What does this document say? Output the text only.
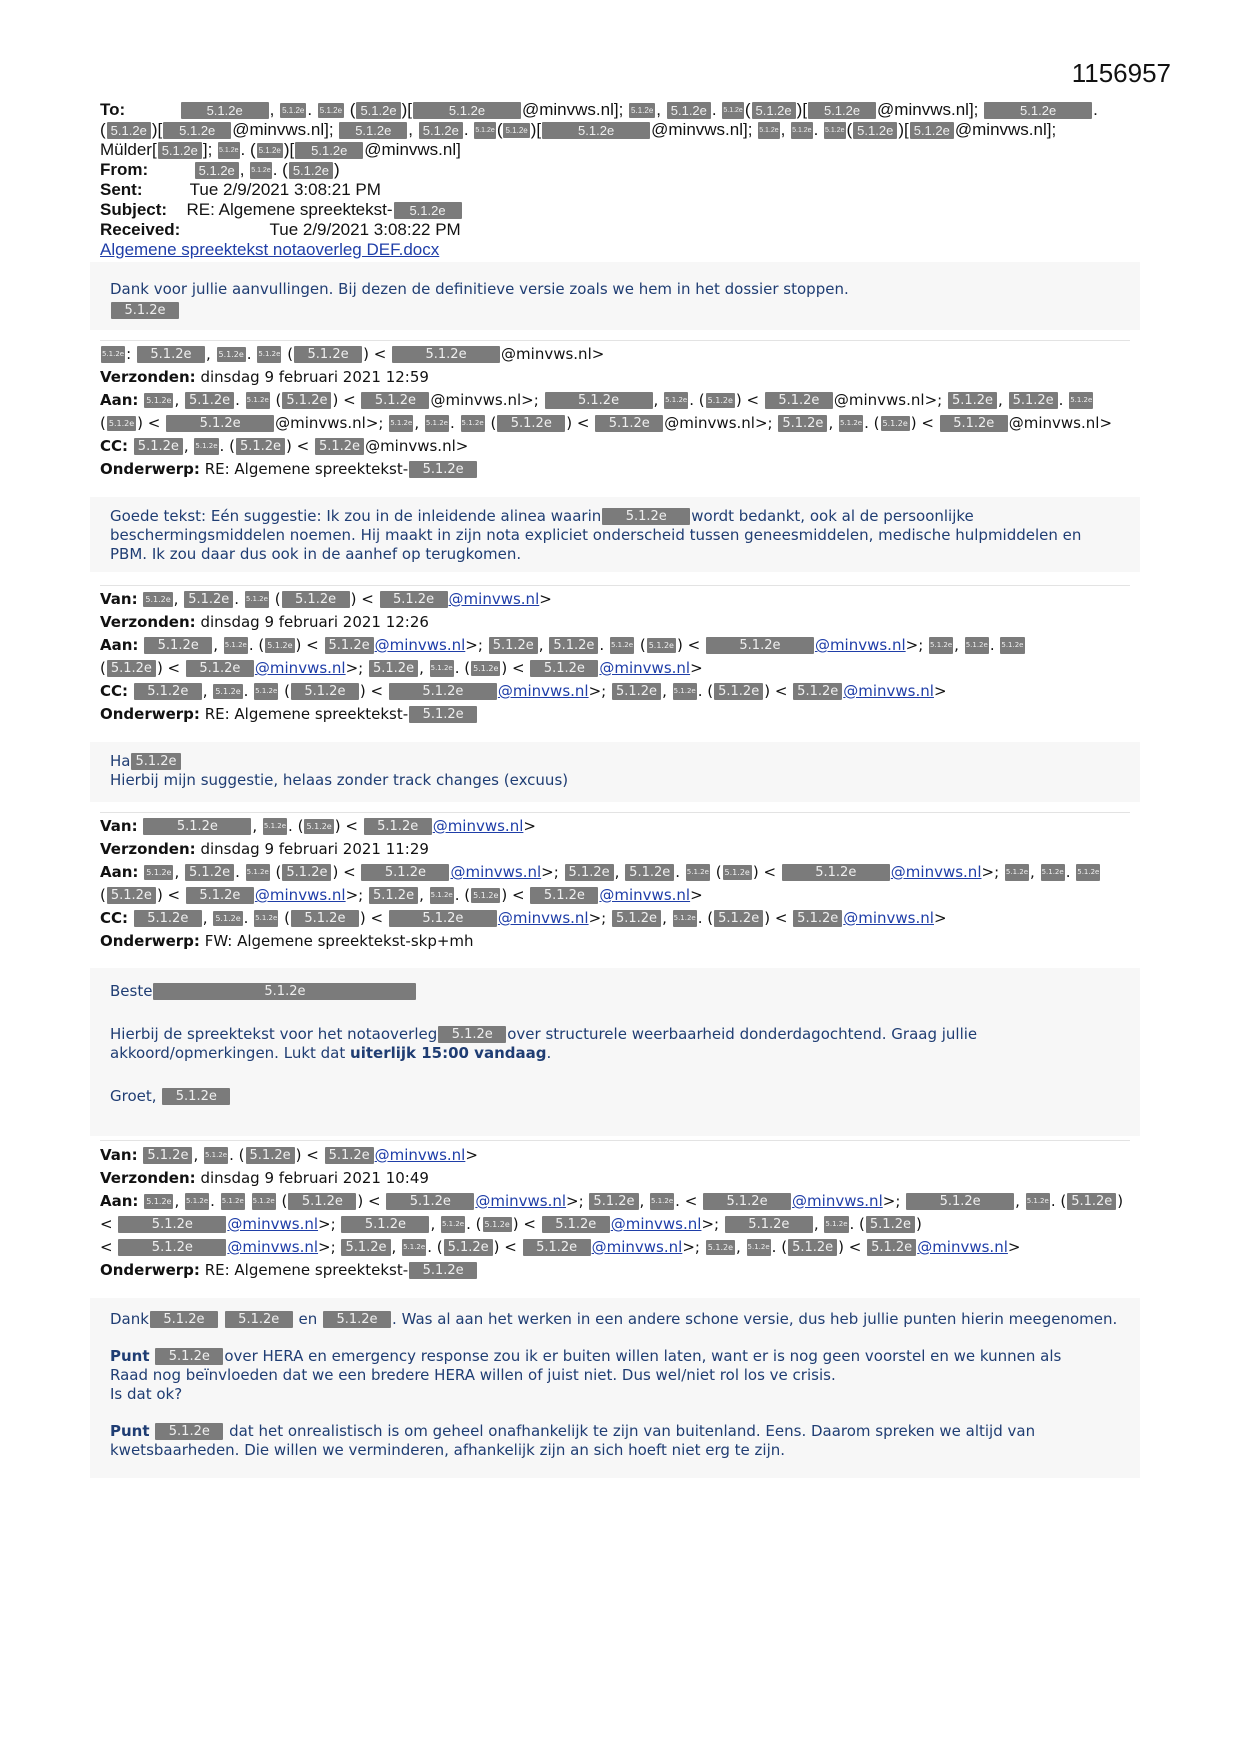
1156957
To:	5.1.2e , 5.1.2e . 5.1.2e ( 5.1.2e )[	5.1.2e @minvws.nl]; 5.1.2e , 5.1.2e . 5.1.2e ( 5.1.2e )[ 5.1.2e @minvws.nl];	5.1.2e .
( 5.1.2e )[ 5.1.2e @minvws.nl]; 5.1.2e , 5.1.2e . 5.1.2e ( 5.1.2e )[	5.1.2e @minvws.nl]; 5.1.2e , 5.1.2e . 5.1.2e ( 5.1.2e )[ 5.1.2e @minvws.nl];
Mülder[ 5.1.2e ]; 5.1.2e . ( 5.1.2e )[ 5.1.2e @minvws.nl]
From:	5.1.2e , 5.1.2e . ( 5.1.2e )
Sent:	Tue 2/9/2021 3:08:21 PM
Subject: RE: Algemene spreektekst- 5.1.2e
Received:	Tue 2/9/2021 3:08:22 PM
Algemene spreektekst notaoverleg DEF.docx
Dank voor jullie aanvullingen. Bij dezen de definitieve versie zoals we hem in het dossier stoppen.
5.1.2e
5.1.2e : 5.1.2e , 5.1.2e . 5.1.2e ( 5.1.2e ) <	5.1.2e @minvws.nl>
Verzonden: dinsdag 9 februari 2021 12:59
Aan: 5.1.2e , 5.1.2e . 5.1.2e ( 5.1.2e ) < 5.1.2e @minvws.nl>;	5.1.2e , 5.1.2e . ( 5.1.2e ) < 5.1.2e @minvws.nl>; 5.1.2e , 5.1.2e . 5.1.2e
( 5.1.2e ) <	5.1.2e @minvws.nl>; 5.1.2e , 5.1.2e . 5.1.2e ( 5.1.2e ) < 5.1.2e @minvws.nl>; 5.1.2e , 5.1.2e . ( 5.1.2e ) < 5.1.2e @minvws.nl>
CC: 5.1.2e , 5.1.2e . ( 5.1.2e ) < 5.1.2e @minvws.nl>
Onderwerp: RE: Algemene spreektekst- 5.1.2e
Goede tekst: Eén suggestie: Ik zou in de inleidende alinea waarin 5.1.2e wordt bedankt, ook al de persoonlijke
beschermingsmiddelen noemen. Hij maakt in zijn nota expliciet onderscheid tussen geneesmiddelen, medische hulpmiddelen en
PBM. Ik zou daar dus ook in de aanhef op terugkomen.
Van: 5.1.2e , 5.1.2e . 5.1.2e ( 5.1.2e ) < 5.1.2e @minvws.nl>
Verzonden: dinsdag 9 februari 2021 12:26
Aan: 5.1.2e , 5.1.2e . ( 5.1.2e ) < 5.1.2e @minvws.nl>; 5.1.2e , 5.1.2e . 5.1.2e ( 5.1.2e ) <	5.1.2e @minvws.nl>; 5.1.2e , 5.1.2e . 5.1.2e
( 5.1.2e ) < 5.1.2e @minvws.nl>; 5.1.2e , 5.1.2e . ( 5.1.2e ) < 5.1.2e @minvws.nl>
CC: 5.1.2e , 5.1.2e . 5.1.2e ( 5.1.2e ) <	5.1.2e @minvws.nl>; 5.1.2e , 5.1.2e . ( 5.1.2e ) < 5.1.2e @minvws.nl>
Onderwerp: RE: Algemene spreektekst- 5.1.2e
Ha 5.1.2e
Hierbij mijn suggestie, helaas zonder track changes (excuus)
Van:	5.1.2e , 5.1.2e . ( 5.1.2e ) < 5.1.2e @minvws.nl>
Verzonden: dinsdag 9 februari 2021 11:29
Aan: 5.1.2e , 5.1.2e . 5.1.2e ( 5.1.2e ) < 5.1.2e @minvws.nl>; 5.1.2e , 5.1.2e . 5.1.2e ( 5.1.2e ) <	5.1.2e @minvws.nl>; 5.1.2e , 5.1.2e . 5.1.2e
( 5.1.2e ) < 5.1.2e @minvws.nl>; 5.1.2e , 5.1.2e . ( 5.1.2e ) < 5.1.2e @minvws.nl>
CC: 5.1.2e , 5.1.2e . 5.1.2e ( 5.1.2e ) <	5.1.2e @minvws.nl>; 5.1.2e , 5.1.2e . ( 5.1.2e ) < 5.1.2e @minvws.nl>
Onderwerp: FW: Algemene spreektekst-skp+mh
Beste	5.1.2e
Hierbij de spreektekst voor het notaoverleg 5.1.2e over structurele weerbaarheid donderdagochtend. Graag jullie
akkoord/opmerkingen. Lukt dat uiterlijk 15:00 vandaag.
Groet, 5.1.2e
Van: 5.1.2e , 5.1.2e . ( 5.1.2e ) < 5.1.2e @minvws.nl>
Verzonden: dinsdag 9 februari 2021 10:49
Aan: 5.1.2e , 5.1.2e . 5.1.2e 5.1.2e ( 5.1.2e ) < 5.1.2e @minvws.nl>; 5.1.2e , 5.1.2e . < 5.1.2e @minvws.nl>;	5.1.2e , 5.1.2e . ( 5.1.2e )
<	5.1.2e @minvws.nl>; 5.1.2e , 5.1.2e . ( 5.1.2e ) < 5.1.2e @minvws.nl>; 5.1.2e , 5.1.2e . ( 5.1.2e )
<	5.1.2e @minvws.nl>; 5.1.2e , 5.1.2e . ( 5.1.2e ) < 5.1.2e @minvws.nl>; 5.1.2e , 5.1.2e . ( 5.1.2e ) < 5.1.2e @minvws.nl>
Onderwerp: RE: Algemene spreektekst- 5.1.2e
Dank 5.1.2e	5.1.2e en 5.1.2e . Was al aan het werken in een andere schone versie, dus heb jullie punten hierin meegenomen.
Punt 5.1.2e over HERA en emergency response zou ik er buiten willen laten, want er is nog geen voorstel en we kunnen als
Raad nog beïnvloeden dat we een bredere HERA willen of juist niet. Dus wel/niet rol los ve crisis.
Is dat ok?
Punt 5.1.2e dat het onrealistisch is om geheel onafhankelijk te zijn van buitenland. Eens. Daarom spreken we altijd van
kwetsbaarheden. Die willen we verminderen, afhankelijk zijn an sich hoeft niet erg te zijn.
